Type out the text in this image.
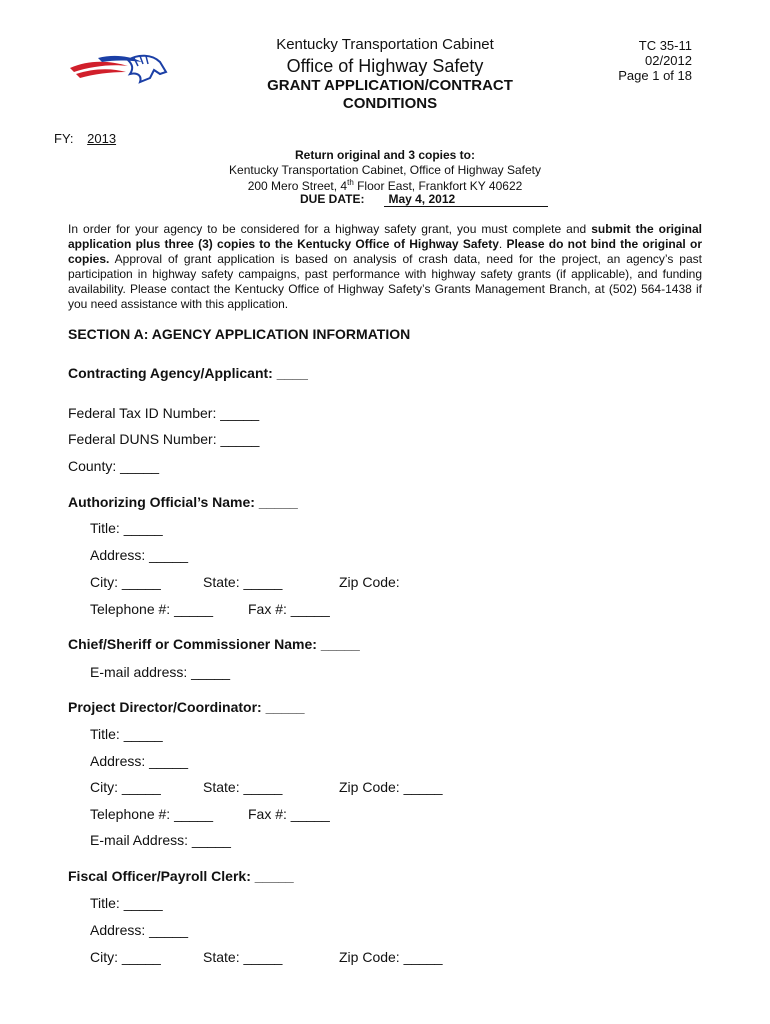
Kentucky Transportation Cabinet
Office of Highway Safety
GRANT APPLICATION/CONTRACT CONDITIONS
TC 35-11
02/2012
Page 1 of 18
FY: 2013
Return original and 3 copies to:
Kentucky Transportation Cabinet, Office of Highway Safety
200 Mero Street, 4th Floor East, Frankfort KY 40622
DUE DATE: May 4, 2012
In order for your agency to be considered for a highway safety grant, you must complete and submit the original application plus three (3) copies to the Kentucky Office of Highway Safety. Please do not bind the original or copies. Approval of grant application is based on analysis of crash data, need for the project, an agency’s past participation in highway safety campaigns, past performance with highway safety grants (if applicable), and funding availability. Please contact the Kentucky Office of Highway Safety’s Grants Management Branch, at (502) 564-1438 if you need assistance with this application.
SECTION A: AGENCY APPLICATION INFORMATION
Contracting Agency/Applicant: ____
Federal Tax ID Number: _____
Federal DUNS Number: _____
County: _____
Authorizing Official’s Name: _____
Title: _____
Address: _____
City: _____	State: _____	Zip Code:
Telephone #: _____	Fax #: _____
Chief/Sheriff or Commissioner Name: _____
E-mail address: _____
Project Director/Coordinator: _____
Title: _____
Address: _____
City: _____	State: _____	Zip Code: _____
Telephone #: _____	Fax #: _____
E-mail Address: _____
Fiscal Officer/Payroll Clerk: _____
Title: _____
Address: _____
City: _____	State: _____	Zip Code: _____
